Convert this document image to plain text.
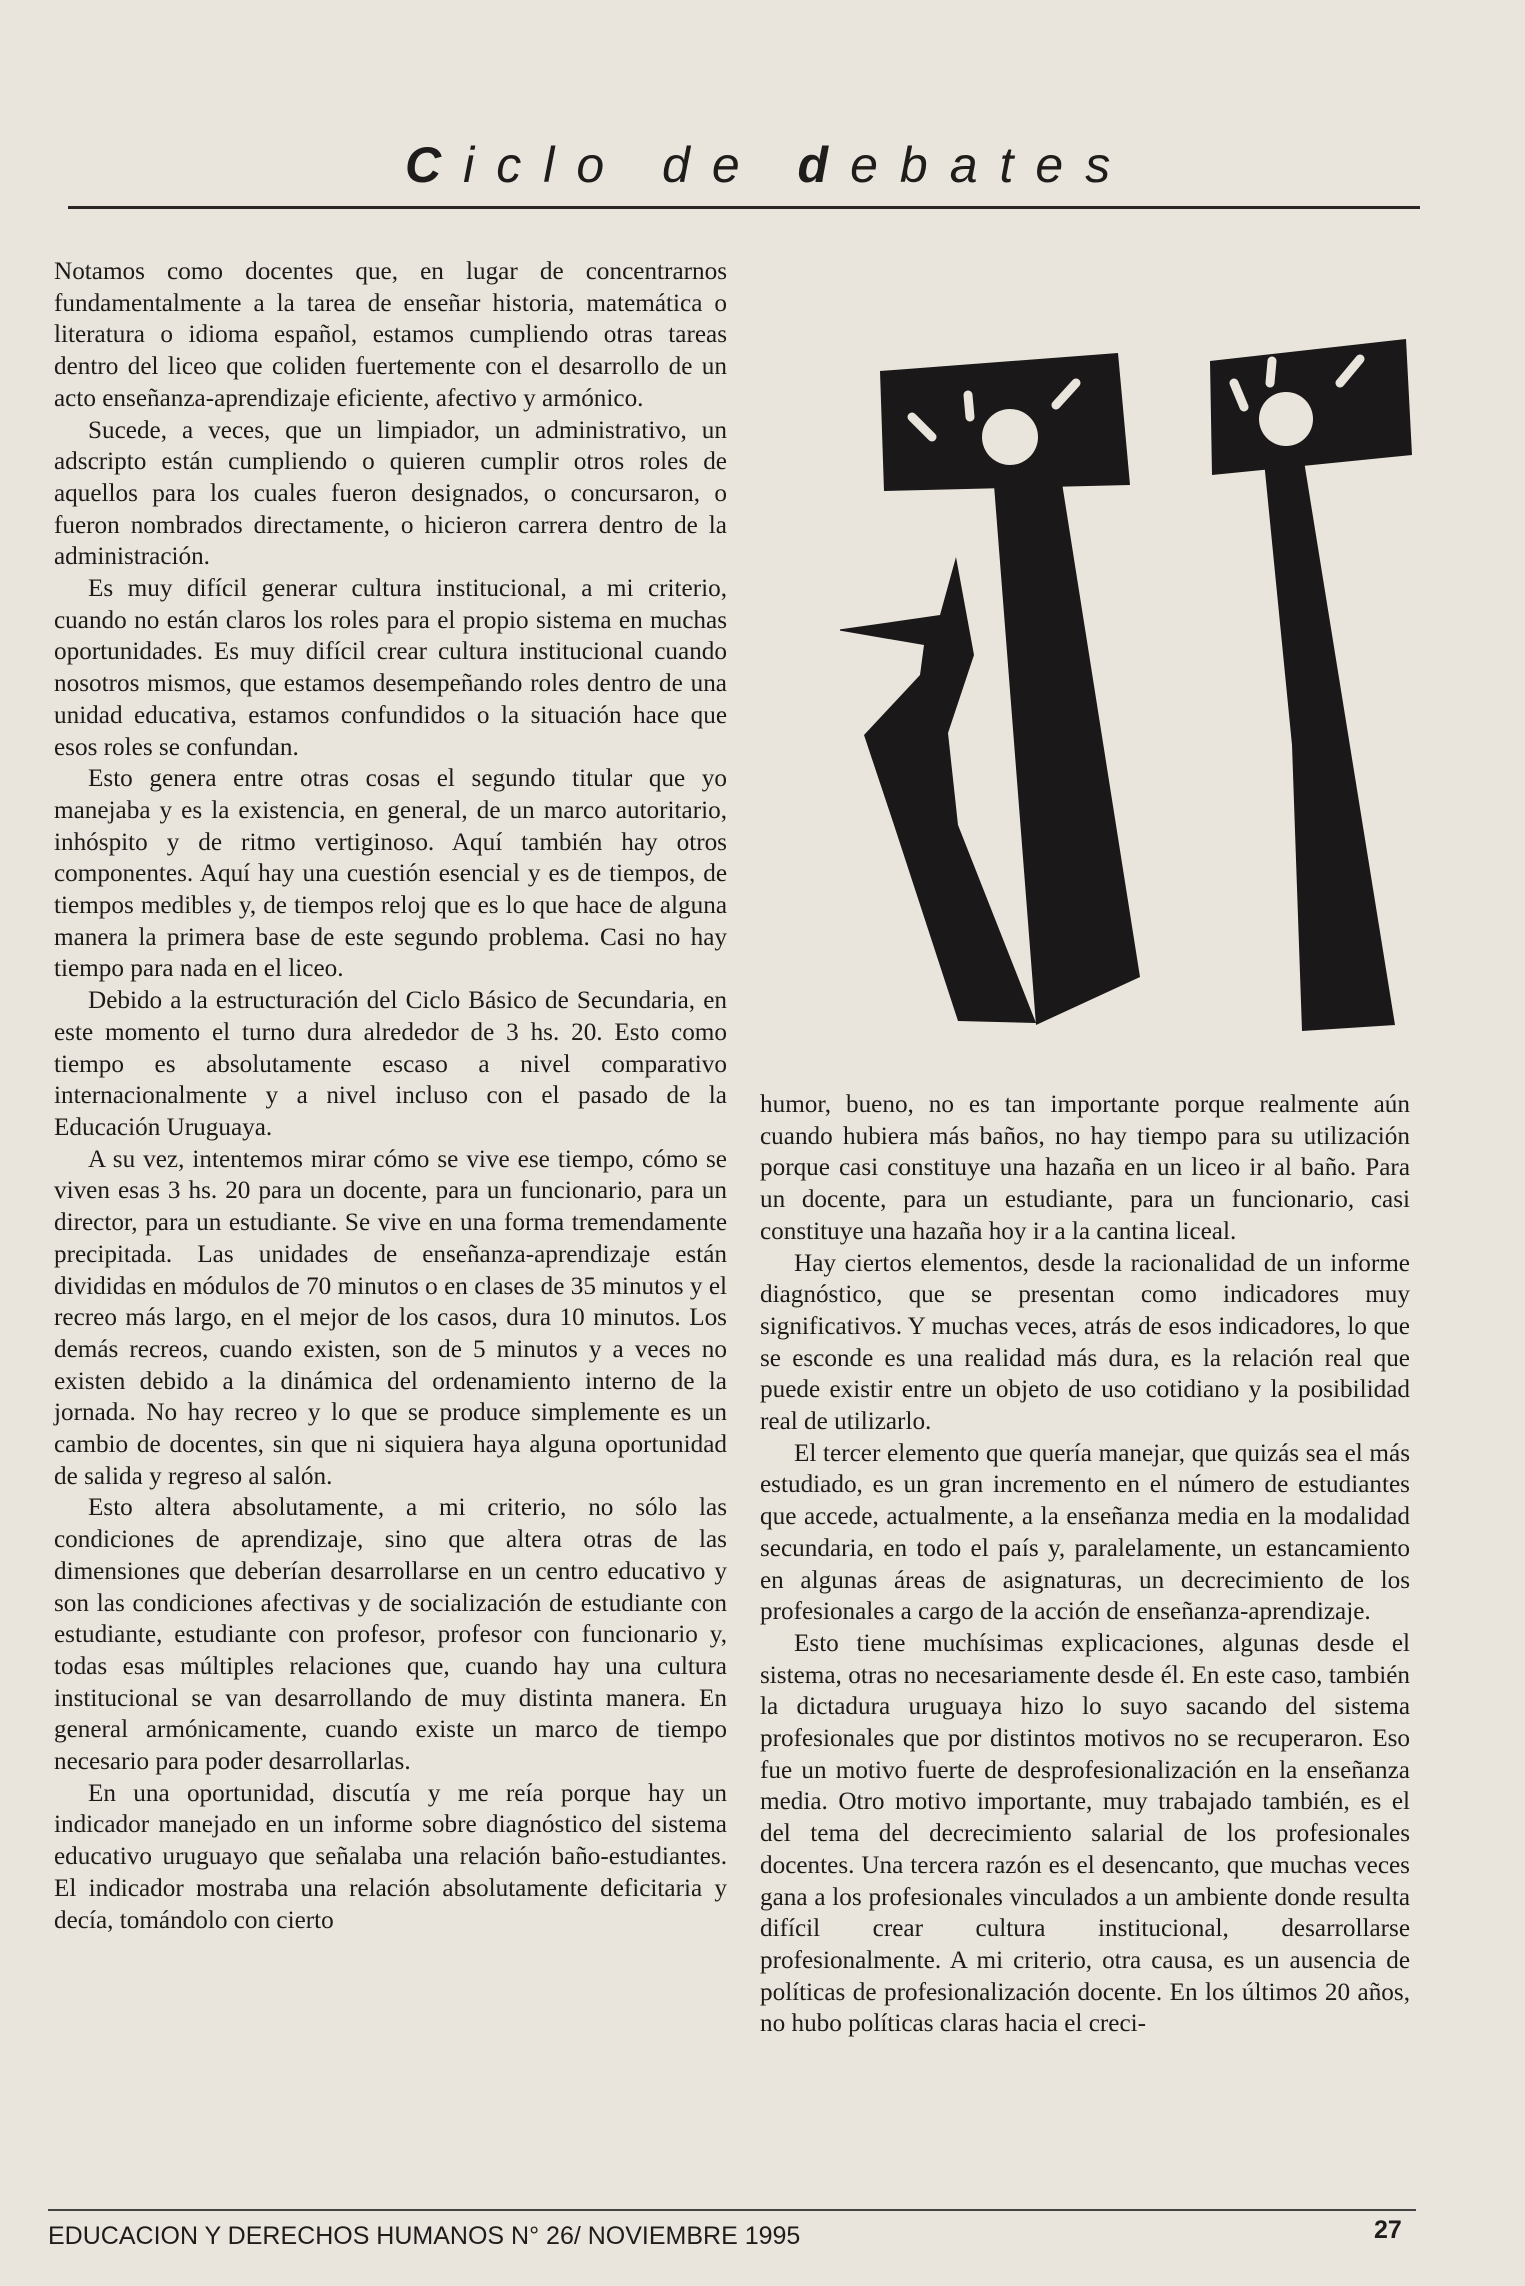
Ciclo de debates

Notamos como docentes que, en lugar de concentrarnos fundamentalmente a la tarea de enseñar historia, matemática o literatura o idioma español, estamos cumpliendo otras tareas dentro del liceo que coliden fuertemente con el desarrollo de un acto enseñanza-aprendizaje eficiente, afectivo y armónico.

Sucede, a veces, que un limpiador, un administrativo, un adscripto están cumpliendo o quieren cumplir otros roles de aquellos para los cuales fueron designados, o concursaron, o fueron nombrados directamente, o hicieron carrera dentro de la administración.

Es muy difícil generar cultura institucional, a mi criterio, cuando no están claros los roles para el propio sistema en muchas oportunidades. Es muy difícil crear cultura institucional cuando nosotros mismos, que estamos desempeñando roles dentro de una unidad educativa, estamos confundidos o la situación hace que esos roles se confundan.

Esto genera entre otras cosas el segundo titular que yo manejaba y es la existencia, en general, de un marco autoritario, inhóspito y de ritmo vertiginoso. Aquí también hay otros componentes. Aquí hay una cuestión esencial y es de tiempos, de tiempos medibles y, de tiempos reloj que es lo que hace de alguna manera la primera base de este segundo problema. Casi no hay tiempo para nada en el liceo.

Debido a la estructuración del Ciclo Básico de Secundaria, en este momento el turno dura alrededor de 3 hs. 20. Esto como tiempo es absolutamente escaso a nivel comparativo internacionalmente y a nivel incluso con el pasado de la Educación Uruguaya.

A su vez, intentemos mirar cómo se vive ese tiempo, cómo se viven esas 3 hs. 20 para un docente, para un funcionario, para un director, para un estudiante. Se vive en una forma tremendamente precipitada. Las unidades de enseñanza-aprendizaje están divididas en módulos de 70 minutos o en clases de 35 minutos y el recreo más largo, en el mejor de los casos, dura 10 minutos. Los demás recreos, cuando existen, son de 5 minutos y a veces no existen debido a la dinámica del ordenamiento interno de la jornada. No hay recreo y lo que se produce simplemente es un cambio de docentes, sin que ni siquiera haya alguna oportunidad de salida y regreso al salón.

Esto altera absolutamente, a mi criterio, no sólo las condiciones de aprendizaje, sino que altera otras de las dimensiones que deberían desarrollarse en un centro educativo y son las condiciones afectivas y de socialización de estudiante con estudiante, estudiante con profesor, profesor con funcionario y, todas esas múltiples relaciones que, cuando hay una cultura institucional se van desarrollando de muy distinta manera. En general armónicamente, cuando existe un marco de tiempo necesario para poder desarrollarlas.

En una oportunidad, discutía y me reía porque hay un indicador manejado en un informe sobre diagnóstico del sistema educativo uruguayo que señalaba una relación baño-estudiantes. El indicador mostraba una relación absolutamente deficitaria y decía, tomándolo con cierto

humor, bueno, no es tan importante porque realmente aún cuando hubiera más baños, no hay tiempo para su utilización porque casi constituye una hazaña en un liceo ir al baño. Para un docente, para un estudiante, para un funcionario, casi constituye una hazaña hoy ir a la cantina liceal.

Hay ciertos elementos, desde la racionalidad de un informe diagnóstico, que se presentan como indicadores muy significativos. Y muchas veces, atrás de esos indicadores, lo que se esconde es una realidad más dura, es la relación real que puede existir entre un objeto de uso cotidiano y la posibilidad real de utilizarlo.

El tercer elemento que quería manejar, que quizás sea el más estudiado, es un gran incremento en el número de estudiantes que accede, actualmente, a la enseñanza media en la modalidad secundaria, en todo el país y, paralelamente, un estancamiento en algunas áreas de asignaturas, un decrecimiento de los profesionales a cargo de la acción de enseñanza-aprendizaje.

Esto tiene muchísimas explicaciones, algunas desde el sistema, otras no necesariamente desde él. En este caso, también la dictadura uruguaya hizo lo suyo sacando del sistema profesionales que por distintos motivos no se recuperaron. Eso fue un motivo fuerte de desprofesionalización en la enseñanza media. Otro motivo importante, muy trabajado también, es el del tema del decrecimiento salarial de los profesionales docentes. Una tercera razón es el desencanto, que muchas veces gana a los profesionales vinculados a un ambiente donde resulta difícil crear cultura institucional, desarrollarse profesionalmente. A mi criterio, otra causa, es un ausencia de políticas de profesionalización docente. En los últimos 20 años, no hubo políticas claras hacia el creci-

EDUCACION Y DERECHOS HUMANOS N° 26/ NOVIEMBRE 1995	27
